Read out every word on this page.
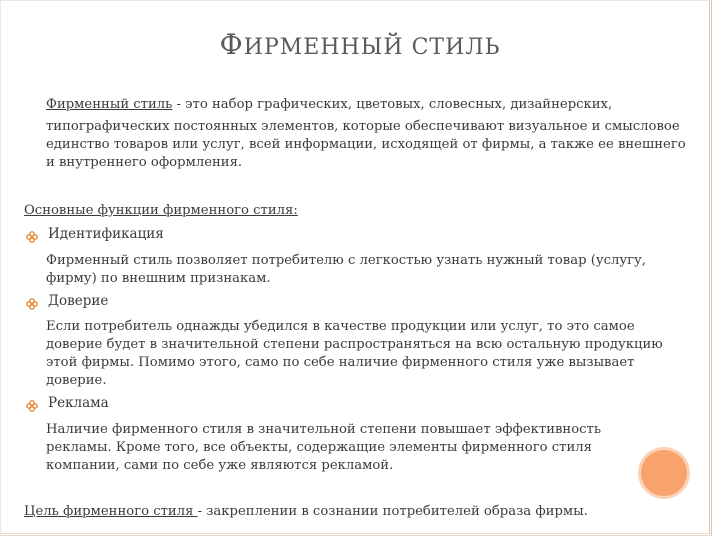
ФИРМЕННЫЙ СТИЛЬ
Фирменный стиль - это набор графических, цветовых, словесных, дизайнерских,
типографических постоянных элементов, которые обеспечивают визуальное и смысловое единство товаров или услуг, всей информации, исходящей от фирмы, а также ее внешнего и внутреннего оформления.
Основные функции фирменного стиля:
Идентификация
Фирменный стиль позволяет потребителю с легкостью узнать нужный товар (услугу, фирму) по внешним признакам.
Доверие
Если потребитель однажды убедился в качестве продукции или услуг, то это самое доверие будет в значительной степени распространяться на всю остальную продукцию этой фирмы. Помимо этого, само по себе наличие фирменного стиля уже вызывает доверие.
Реклама
Наличие фирменного стиля в значительной степени повышает эффективность рекламы. Кроме того, все объекты, содержащие элементы фирменного стиля компании, сами по себе уже являются рекламой.
Цель фирменного стиля - закреплении в сознании потребителей образа фирмы.
